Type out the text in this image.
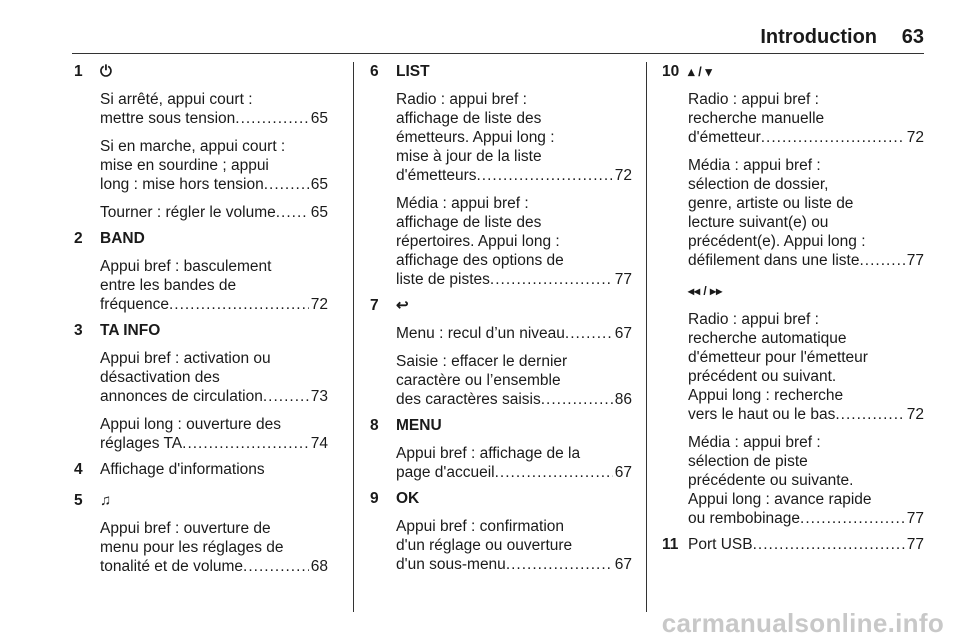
Introduction 63
1 ⏻
Si arrêté, appui court :
mettre sous tension .....	65
Si en marche, appui court :
mise en sourdine ; appui
long : mise hors tension .....	65
Tourner : régler le volume ..... 65
2 BAND
Appui bref : basculement
entre les bandes de
fréquence .....	72
3 TA INFO
Appui bref : activation ou
désactivation des
annonces de circulation .....	73
Appui long : ouverture des
réglages TA .....	74
4 Affichage d'informations
5 ♫
Appui bref : ouverture de
menu pour les réglages de
tonalité et de volume .....	68
6 LIST
Radio : appui bref :
affichage de liste des
émetteurs. Appui long :
mise à jour de la liste
d'émetteurs .....	72
Média : appui bref :
affichage de liste des
répertoires. Appui long :
affichage des options de
liste de pistes .....	77
7 ↩
Menu : recul d’un niveau .....	67
Saisie : effacer le dernier
caractère ou l’ensemble
des caractères saisis .....	86
8 MENU
Appui bref : affichage de la
page d'accueil .....	67
9 OK
Appui bref : confirmation
d'un réglage ou ouverture
d'un sous-menu .....	67
10 ▴ / ▾
Radio : appui bref :
recherche manuelle
d'émetteur .....	72
Média : appui bref :
sélection de dossier,
genre, artiste ou liste de
lecture suivant(e) ou
précédent(e). Appui long :
défilement dans une liste .....	77
◂◂ / ▸▸
Radio : appui bref :
recherche automatique
d'émetteur pour l'émetteur
précédent ou suivant.
Appui long : recherche
vers le haut ou le bas .....	72
Média : appui bref :
sélection de piste
précédente ou suivante.
Appui long : avance rapide
ou rembobinage .....	77
11 Port USB .....	77
carmanualsonline.info
